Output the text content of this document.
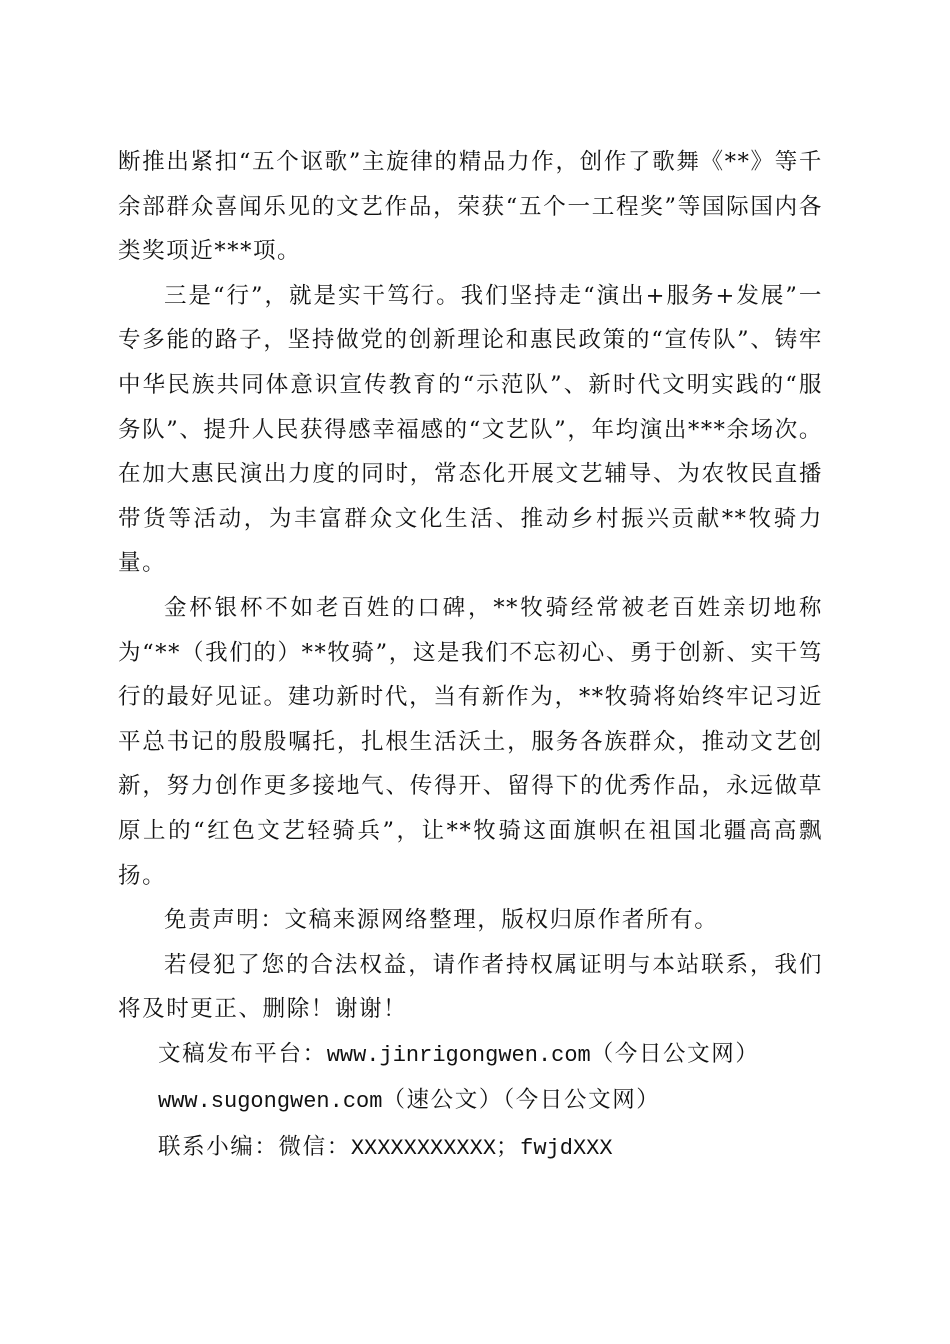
断推出紧扣“五个讴歌”主旋律的精品力作，创作了歌舞《**》等千余部群众喜闻乐见的文艺作品，荣获“五个一工程奖”等国际国内各类奖项近***项。

三是“行”，就是实干笃行。我们坚持走“演出+服务+发展”一专多能的路子，坚持做党的创新理论和惠民政策的“宣传队”、铸牢中华民族共同体意识宣传教育的“示范队”、新时代文明实践的“服务队”、提升人民获得感幸福感的“文艺队”，年均演出***余场次。在加大惠民演出力度的同时，常态化开展文艺辅导、为农牧民直播带货等活动，为丰富群众文化生活、推动乡村振兴贡献**牧骑力量。

金杯银杯不如老百姓的口碑，**牧骑经常被老百姓亲切地称为“**（我们的）**牧骑”，这是我们不忘初心、勇于创新、实干笃行的最好见证。建功新时代，当有新作为，**牧骑将始终牢记习近平总书记的殷殷嘱托，扎根生活沃土，服务各族群众，推动文艺创新，努力创作更多接地气、传得开、留得下的优秀作品，永远做草原上的“红色文艺轻骑兵”，让**牧骑这面旗帜在祖国北疆高高飘扬。

免责声明：文稿来源网络整理，版权归原作者所有。

若侵犯了您的合法权益，请作者持权属证明与本站联系，我们将及时更正、删除！谢谢！

文稿发布平台：www.jinrigongwen.com（今日公文网）

www.sugongwen.com（速公文）（今日公文网）

联系小编：微信：XXXXXXXXXXX；fwjdXXX
